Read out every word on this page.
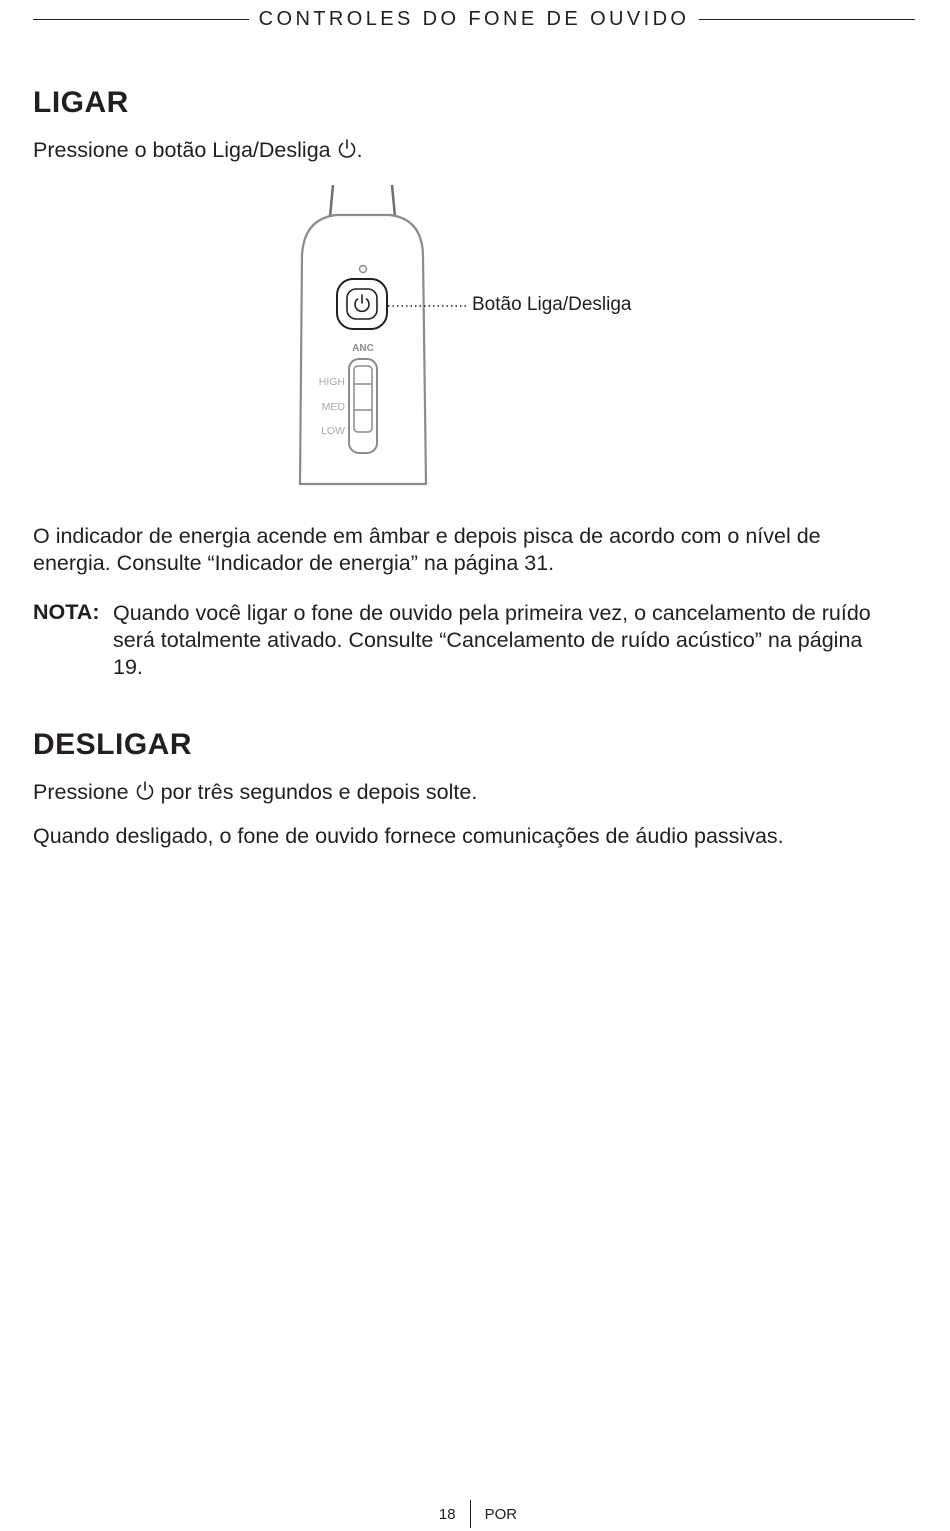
CONTROLES DO FONE DE OUVIDO
LIGAR

Pressione o botão Liga/Desliga .

ANC
HIGH
MED
LOW
Botão Liga/Desliga

O indicador de energia acende em âmbar e depois pisca de acordo com o nível de energia. Consulte “Indicador de energia” na página 31.

NOTA: Quando você ligar o fone de ouvido pela primeira vez, o cancelamento de ruído será totalmente ativado. Consulte “Cancelamento de ruído acústico” na página 19.
DESLIGAR

Pressione por três segundos e depois solte.

Quando desligado, o fone de ouvido fornece comunicações de áudio passivas.

18 POR
